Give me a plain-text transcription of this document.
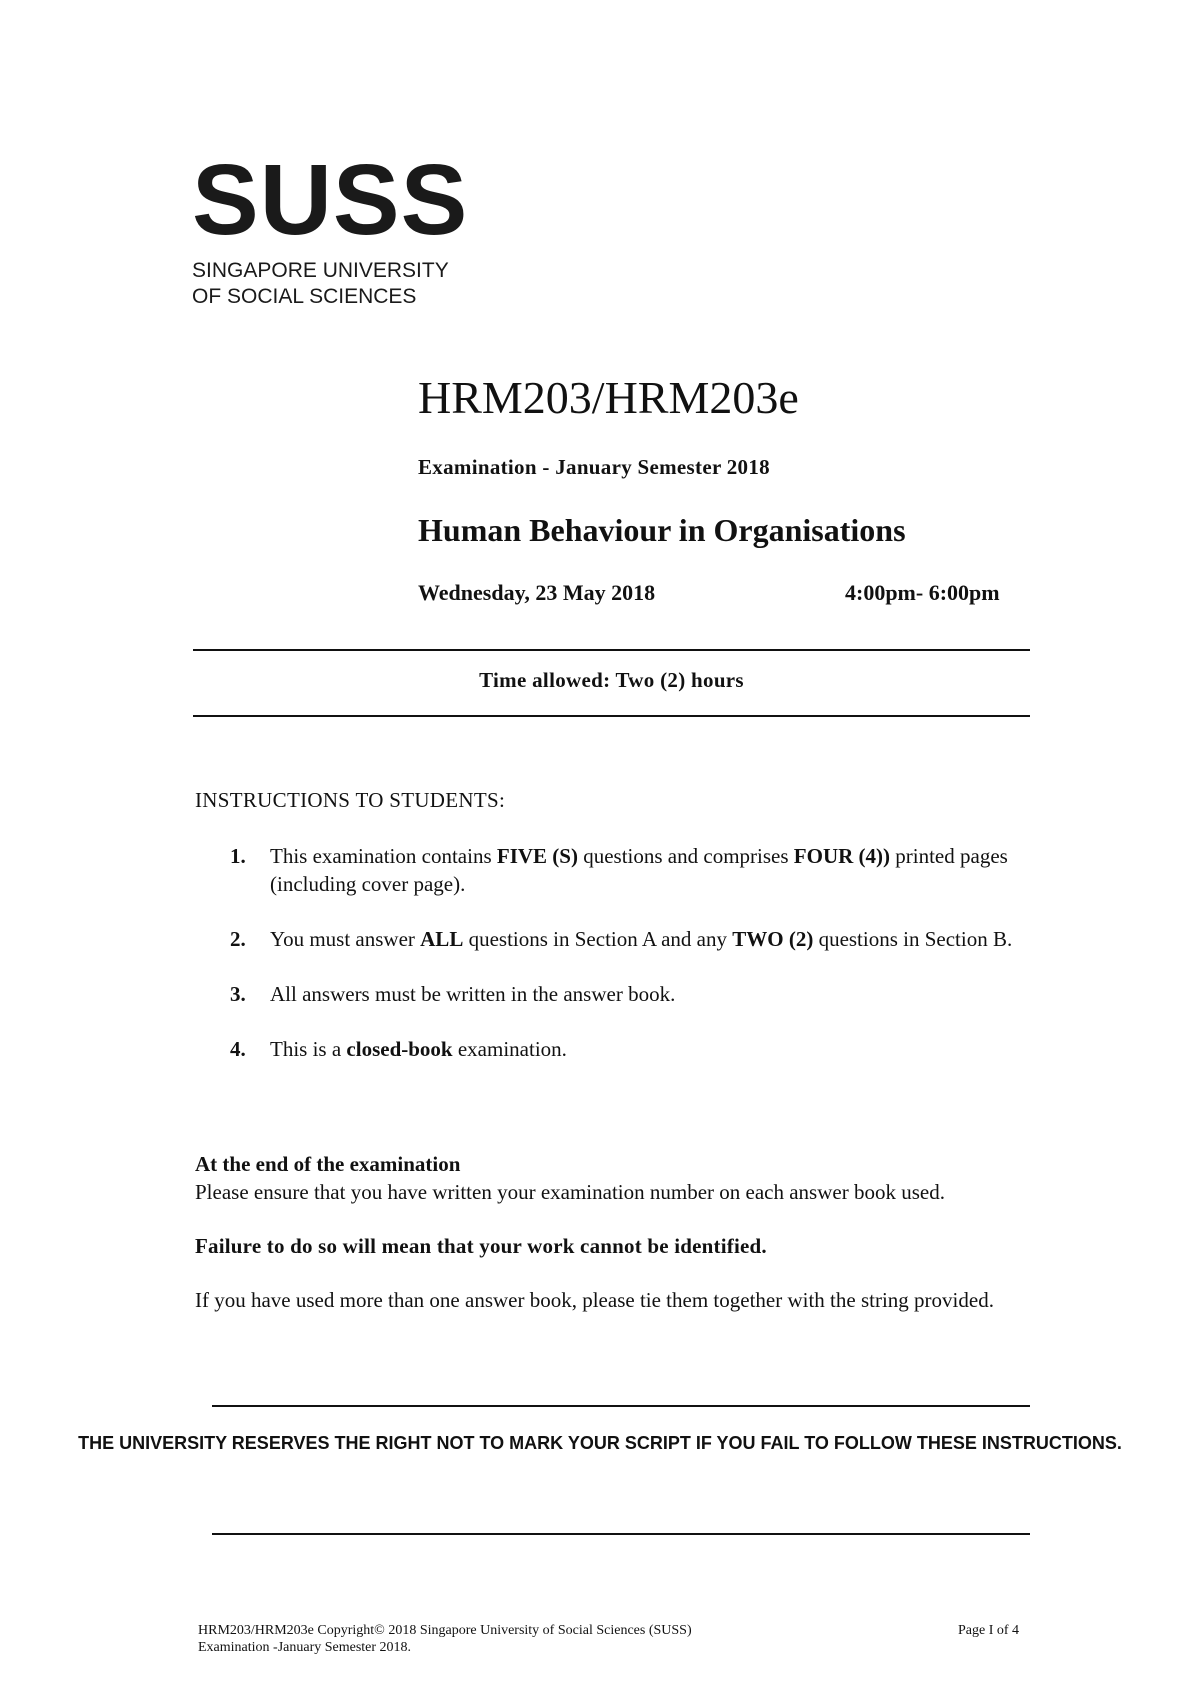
SUSS
SINGAPORE UNIVERSITY
OF SOCIAL SCIENCES
HRM203/HRM203e
Examination - January Semester 2018
Human Behaviour in Organisations
Wednesday, 23 May 2018	4:00pm- 6:00pm
Time allowed: Two (2) hours
INSTRUCTIONS TO STUDENTS:
1. This examination contains FIVE (S) questions and comprises FOUR (4)) printed pages (including cover page).
2. You must answer ALL questions in Section A and any TWO (2) questions in Section B.
3. All answers must be written in the answer book.
4. This is a closed-book examination.
At the end of the examination

Please ensure that you have written your examination number on each answer book used.

Failure to do so will mean that your work cannot be identified.

If you have used more than one answer book, please tie them together with the string provided.

THE UNIVERSITY RESERVES THE RIGHT NOT TO MARK YOUR SCRIPT IF YOU FAIL TO FOLLOW THESE INSTRUCTIONS.
HRM203/HRM203e Copyright© 2018 Singapore University of Social Sciences (SUSS)
Examination -January Semester 2018.
Page I of 4
